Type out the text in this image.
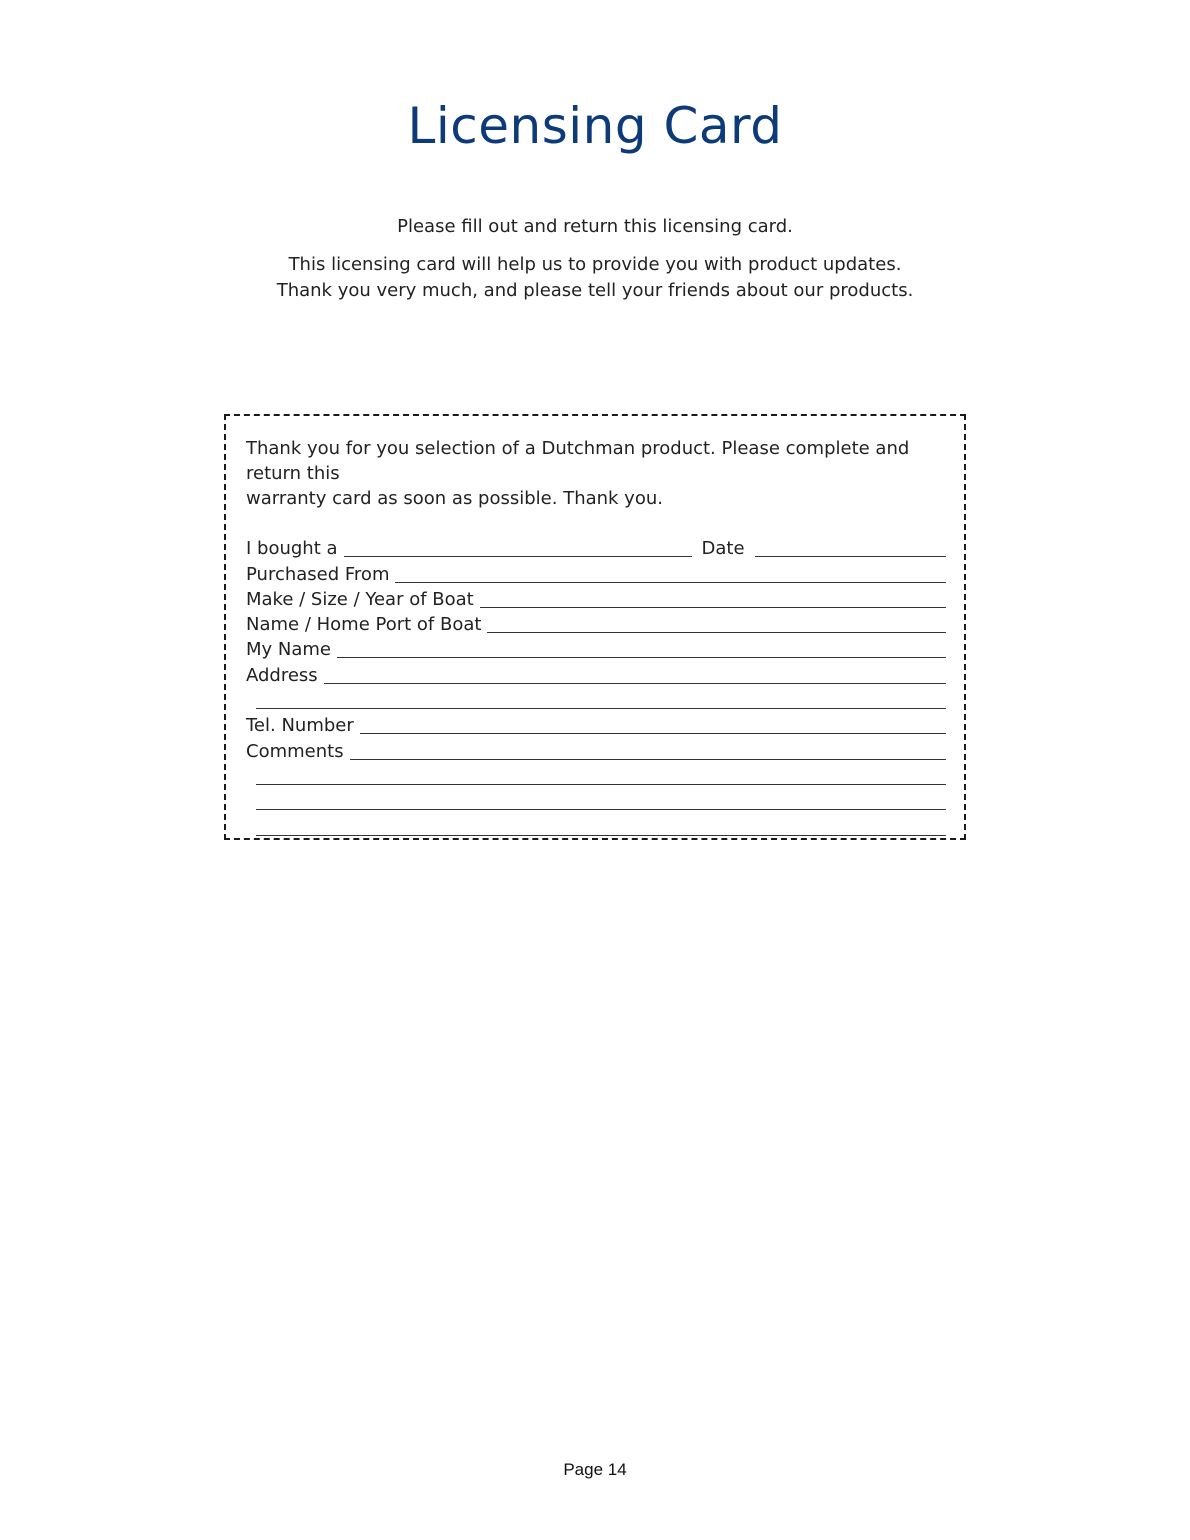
Licensing Card
Please fill out and return this licensing card.
This licensing card will help us to provide you with product updates.
Thank you very much, and please tell your friends about our products.

Thank you for you selection of a Dutchman product. Please complete and return this
warranty card as soon as possible. Thank you.

I bought a	Date
Purchased From
Make / Size / Year of Boat
Name / Home Port of Boat
My Name
Address
Tel. Number
Comments
Page 14
